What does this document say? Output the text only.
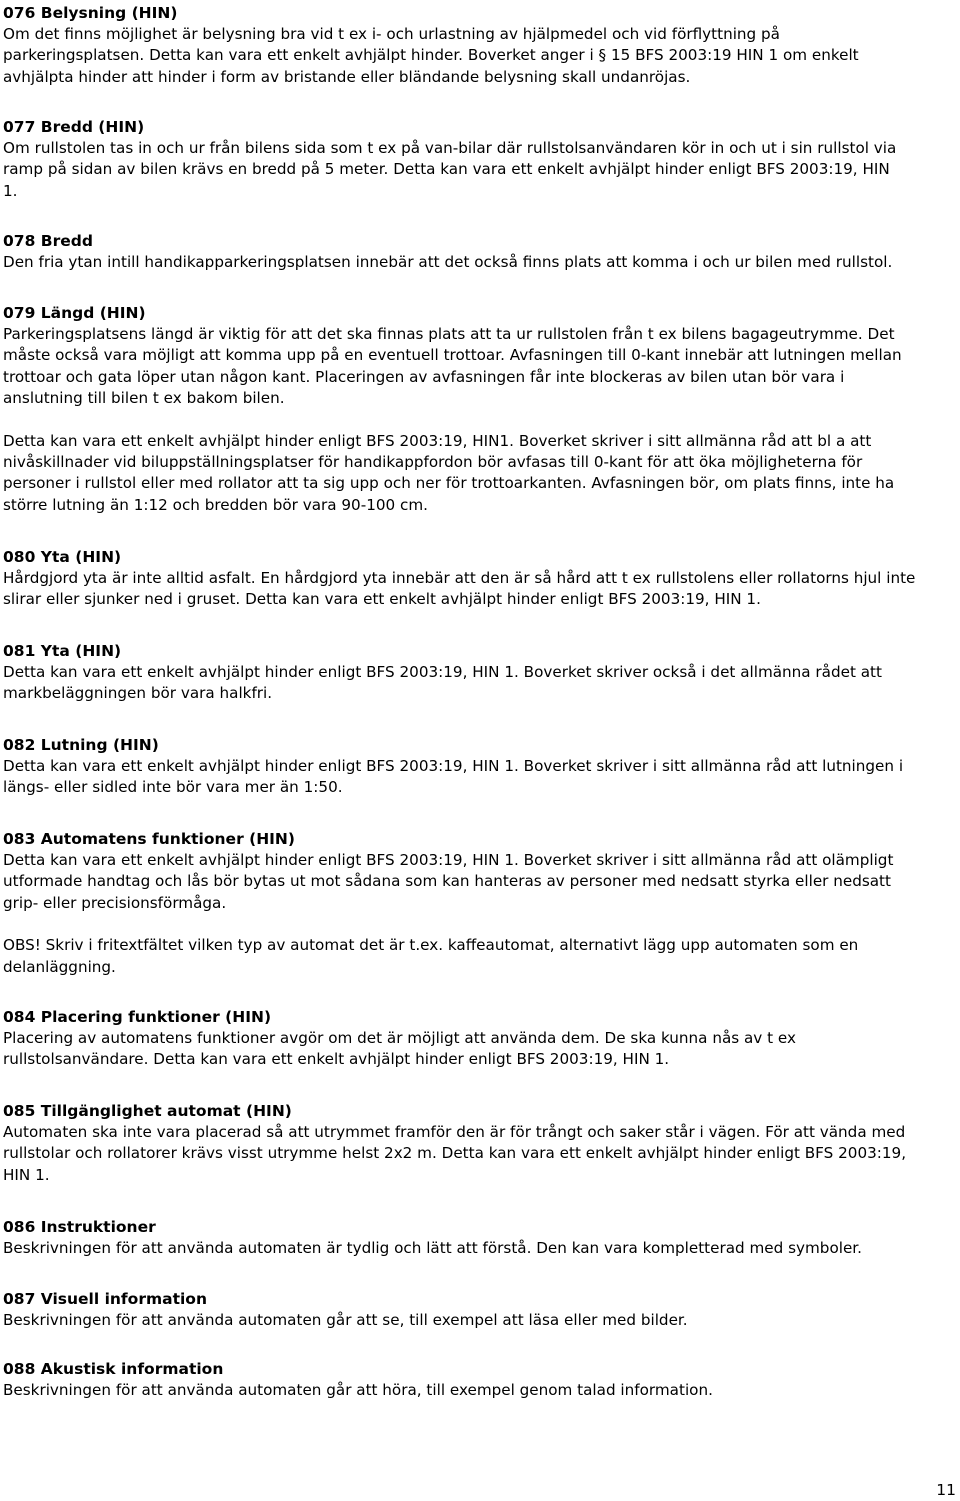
076 Belysning (HIN)
Om det finns möjlighet är belysning bra vid t ex i- och urlastning av hjälpmedel och vid förflyttning på
parkeringsplatsen. Detta kan vara ett enkelt avhjälpt hinder. Boverket anger i § 15 BFS 2003:19 HIN 1 om enkelt
avhjälpta hinder att hinder i form av bristande eller bländande belysning skall undanröjas.
077 Bredd (HIN)
Om rullstolen tas in och ur från bilens sida som t ex på van-bilar där rullstolsanvändaren kör in och ut i sin rullstol via
ramp på sidan av bilen krävs en bredd på 5 meter. Detta kan vara ett enkelt avhjälpt hinder enligt BFS 2003:19, HIN
1.
078 Bredd
Den fria ytan intill handikapparkeringsplatsen innebär att det också finns plats att komma i och ur bilen med rullstol.
079 Längd (HIN)
Parkeringsplatsens längd är viktig för att det ska finnas plats att ta ur rullstolen från t ex bilens bagageutrymme. Det
måste också vara möjligt att komma upp på en eventuell trottoar. Avfasningen till 0-kant innebär att lutningen mellan
trottoar och gata löper utan någon kant. Placeringen av avfasningen får inte blockeras av bilen utan bör vara i
anslutning till bilen t ex bakom bilen.
Detta kan vara ett enkelt avhjälpt hinder enligt BFS 2003:19, HIN1. Boverket skriver i sitt allmänna råd att bl a att
nivåskillnader vid biluppställningsplatser för handikappfordon bör avfasas till 0-kant för att öka möjligheterna för
personer i rullstol eller med rollator att ta sig upp och ner för trottoarkanten. Avfasningen bör, om plats finns, inte ha
större lutning än 1:12 och bredden bör vara 90-100 cm.
080 Yta (HIN)
Hårdgjord yta är inte alltid asfalt. En hårdgjord yta innebär att den är så hård att t ex rullstolens eller rollatorns hjul inte
slirar eller sjunker ned i gruset. Detta kan vara ett enkelt avhjälpt hinder enligt BFS 2003:19, HIN 1.
081 Yta (HIN)
Detta kan vara ett enkelt avhjälpt hinder enligt BFS 2003:19, HIN 1. Boverket skriver också i det allmänna rådet att
markbeläggningen bör vara halkfri.
082 Lutning (HIN)
Detta kan vara ett enkelt avhjälpt hinder enligt BFS 2003:19, HIN 1. Boverket skriver i sitt allmänna råd att lutningen i
längs- eller sidled inte bör vara mer än 1:50.
083 Automatens funktioner (HIN)
Detta kan vara ett enkelt avhjälpt hinder enligt BFS 2003:19, HIN 1. Boverket skriver i sitt allmänna råd att olämpligt
utformade handtag och lås bör bytas ut mot sådana som kan hanteras av personer med nedsatt styrka eller nedsatt
grip- eller precisionsförmåga.
OBS! Skriv i fritextfältet vilken typ av automat det är t.ex. kaffeautomat, alternativt lägg upp automaten som en
delanläggning.
084 Placering funktioner (HIN)
Placering av automatens funktioner avgör om det är möjligt att använda dem. De ska kunna nås av t ex
rullstolsanvändare. Detta kan vara ett enkelt avhjälpt hinder enligt BFS 2003:19, HIN 1.
085 Tillgänglighet automat (HIN)
Automaten ska inte vara placerad så att utrymmet framför den är för trångt och saker står i vägen. För att vända med
rullstolar och rollatorer krävs visst utrymme helst 2x2 m. Detta kan vara ett enkelt avhjälpt hinder enligt BFS 2003:19,
HIN 1.
086 Instruktioner
Beskrivningen för att använda automaten är tydlig och lätt att förstå. Den kan vara kompletterad med symboler.
087 Visuell information
Beskrivningen för att använda automaten går att se, till exempel att läsa eller med bilder.
088 Akustisk information
Beskrivningen för att använda automaten går att höra, till exempel genom talad information.
11
